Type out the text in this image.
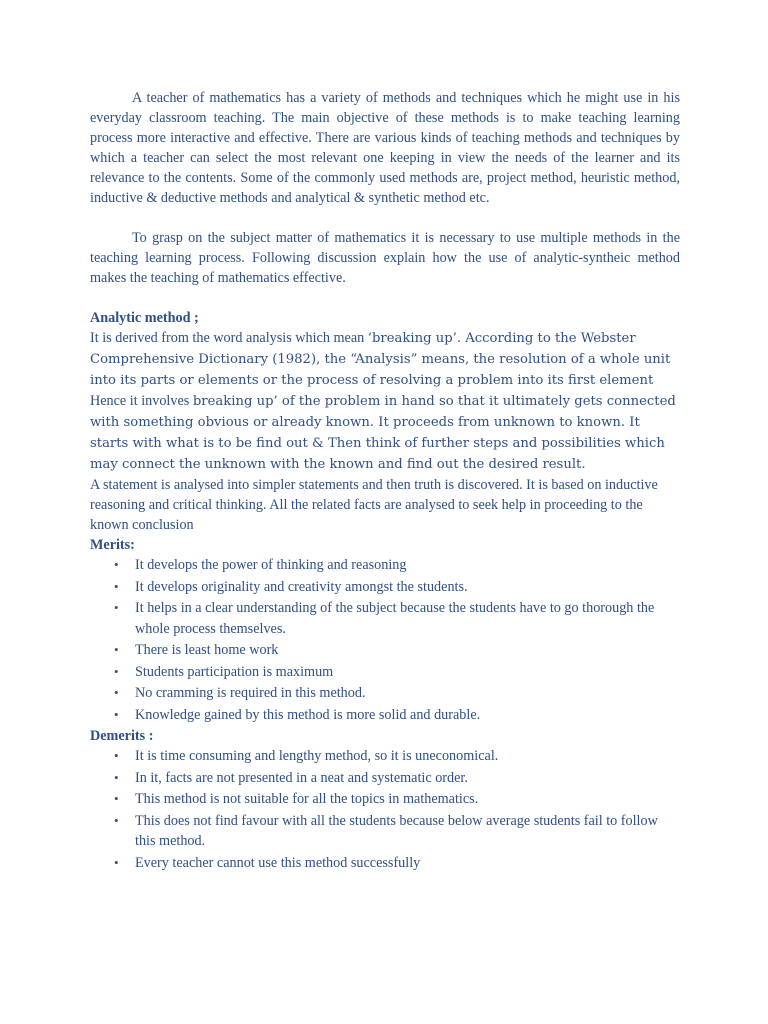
A teacher of mathematics has a variety of methods and techniques which he might use in his everyday classroom teaching. The main objective of these methods is to make teaching learning process more interactive and effective. There are various kinds of teaching methods and techniques by which a teacher can select the most relevant one keeping in view the needs of the learner and its relevance to the contents. Some of the commonly used methods are, project method, heuristic method, inductive & deductive methods and analytical & synthetic method etc.

To grasp on the subject matter of mathematics it is necessary to use multiple methods in the teaching learning process. Following discussion explain how the use of analytic-syntheic method makes the teaching of mathematics effective.

Analytic method ;

It is derived from the word analysis which mean ‘breaking up’. According to the Webster Comprehensive Dictionary (1982), the “Analysis” means, the resolution of a whole unit into its parts or elements or the process of resolving a problem into its first element Hence it involves breaking up’ of the problem in hand so that it ultimately gets connected with something obvious or already known. It proceeds from unknown to known. It starts with what is to be find out & Then think of further steps and possibilities which may connect the unknown with the known and find out the desired result.

A statement is analysed into simpler statements and then truth is discovered. It is based on inductive reasoning and critical thinking. All the related facts are analysed to seek help in proceeding to the known conclusion

Merits:

• It develops the power of thinking and reasoning
• It develops originality and creativity amongst the students.
• It helps in a clear understanding of the subject because the students have to go thorough the whole process themselves.
• There is least home work
• Students participation is maximum
• No cramming is required in this method.
• Knowledge gained by this method is more solid and durable.

Demerits :

• It is time consuming and lengthy method, so it is uneconomical.
• In it, facts are not presented in a neat and systematic order.
• This method is not suitable for all the topics in mathematics.
• This does not find favour with all the students because below average students fail to follow this method.
• Every teacher cannot use this method successfully
